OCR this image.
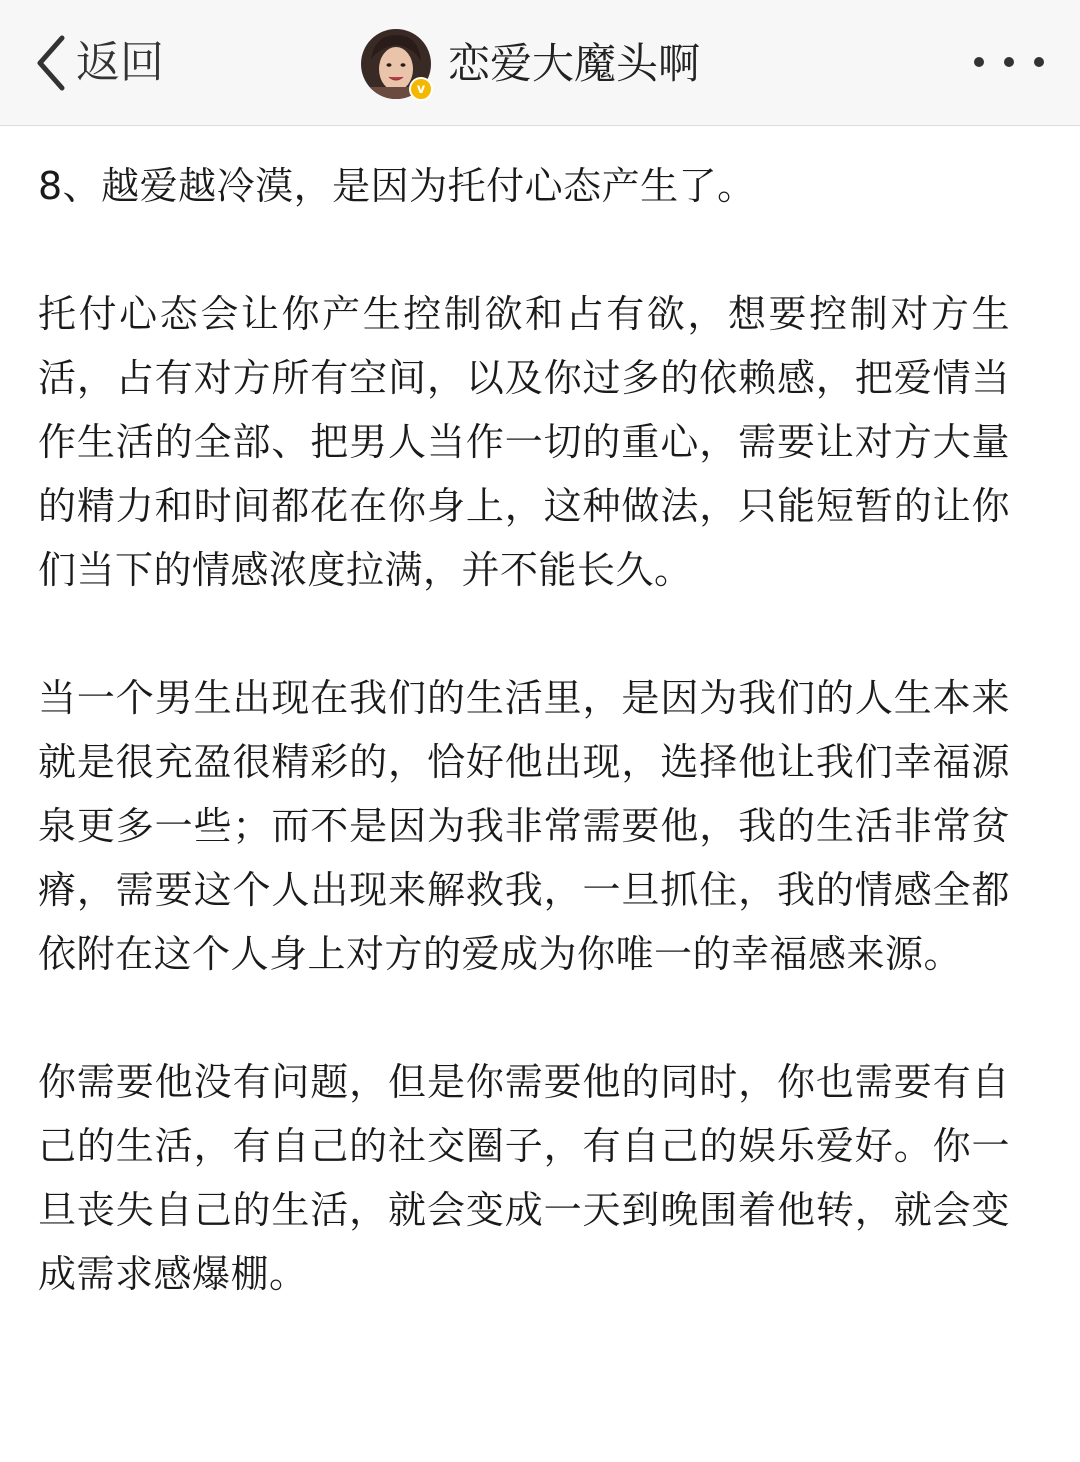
返回
v
恋爱大魔头啊

8、越爱越冷漠，是因为托付心态产生了。

托付心态会让你产生控制欲和占有欲，想要控制对方生活，占有对方所有空间，以及你过多的依赖感，把爱情当作生活的全部、把男人当作一切的重心，需要让对方大量的精力和时间都花在你身上，这种做法，只能短暂的让你们当下的情感浓度拉满，并不能长久。

当一个男生出现在我们的生活里，是因为我们的人生本来就是很充盈很精彩的，恰好他出现，选择他让我们幸福源泉更多一些；而不是因为我非常需要他，我的生活非常贫瘠，需要这个人出现来解救我，一旦抓住，我的情感全都依附在这个人身上对方的爱成为你唯一的幸福感来源。

你需要他没有问题，但是你需要他的同时，你也需要有自己的生活，有自己的社交圈子，有自己的娱乐爱好。你一旦丧失自己的生活，就会变成一天到晚围着他转，就会变成需求感爆棚。
